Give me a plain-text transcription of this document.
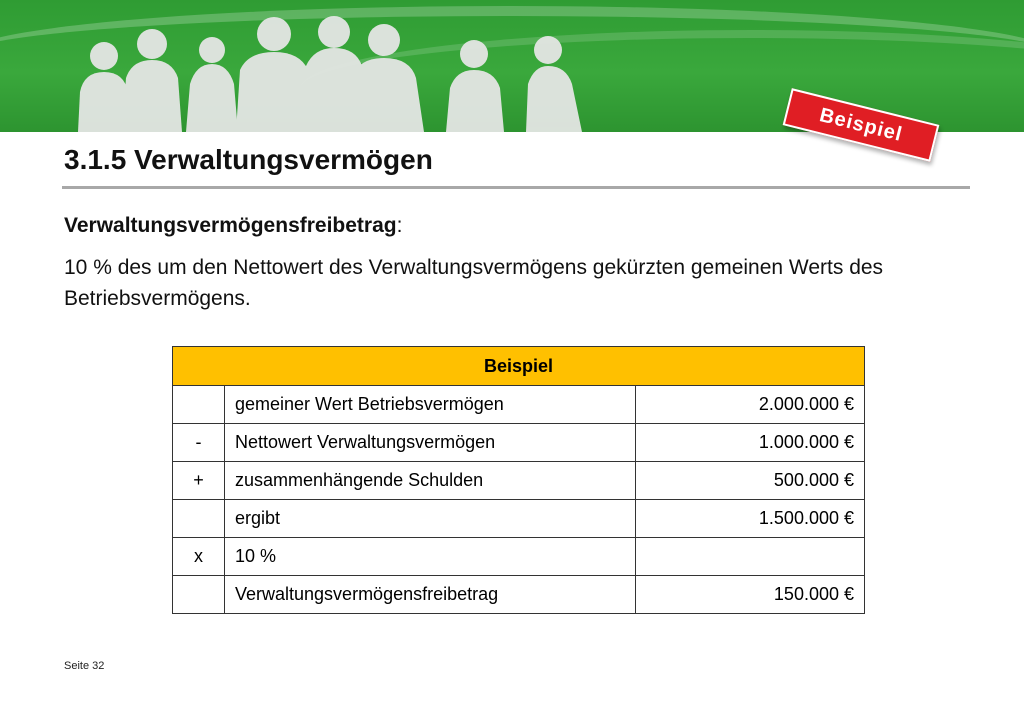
Beispiel
3.1.5 Verwaltungsvermögen
Verwaltungsvermögensfreibetrag:
10 % des um den Nettowert des Verwaltungsvermögens gekürzten gemeinen Werts des Betriebsvermögens.
Beispiel		
	gemeiner Wert Betriebsvermögen	2.000.000 €
-	Nettowert Verwaltungsvermögen	1.000.000 €
+	zusammenhängende Schulden	500.000 €
	ergibt	1.500.000 €
x	10 %	
	Verwaltungsvermögensfreibetrag	150.000 €
Seite 32
